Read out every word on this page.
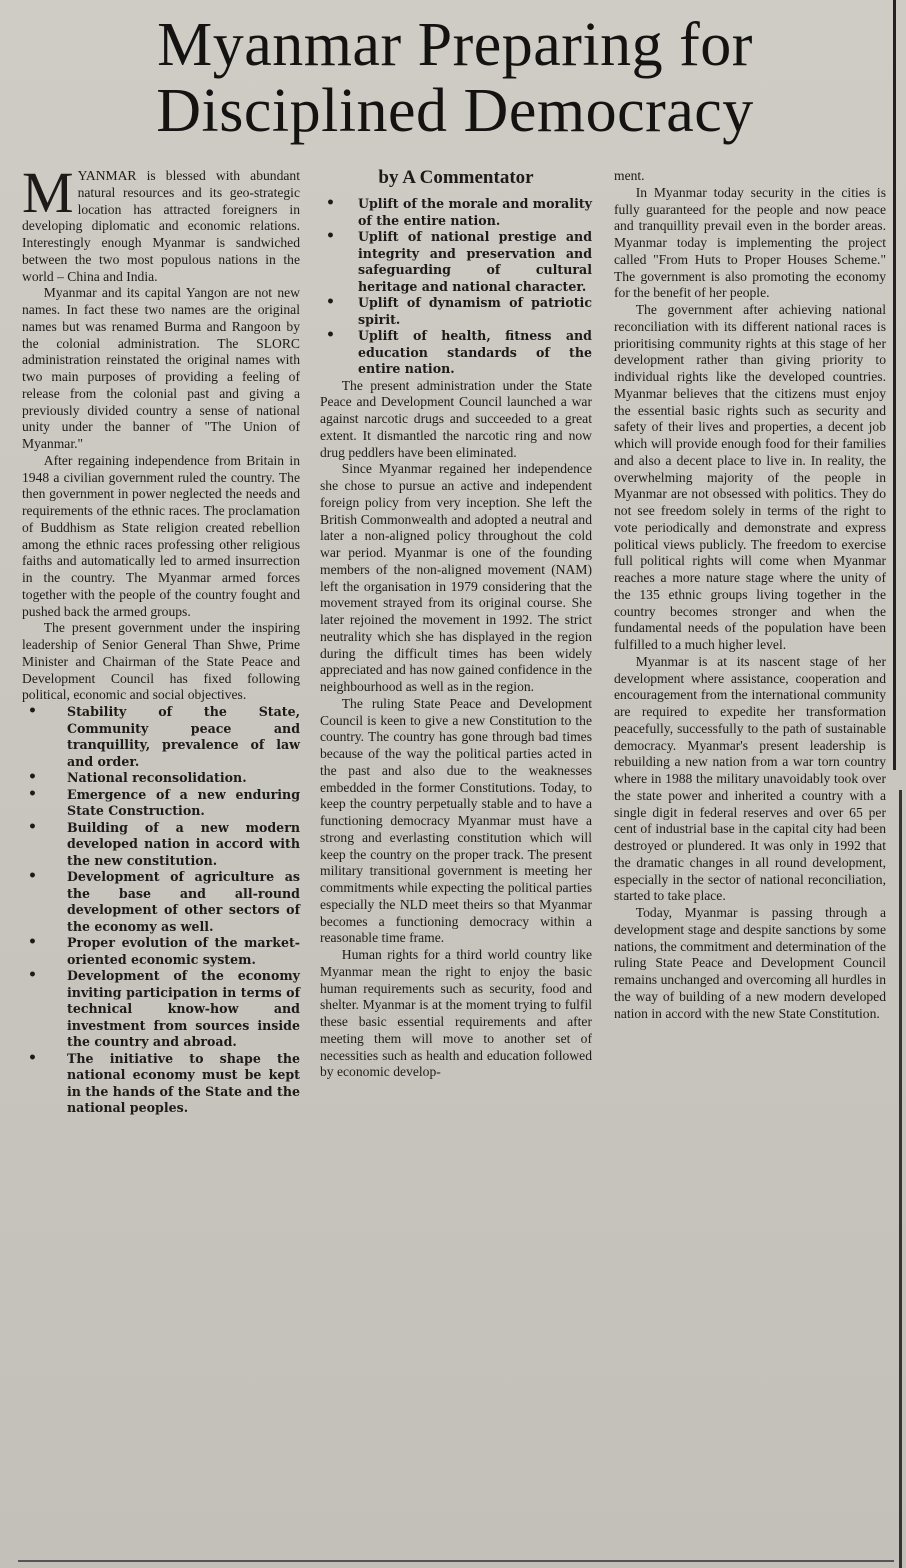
Myanmar Preparing for
Disciplined Democracy

MYANMAR is blessed with abundant natural resources and its geo-strategic location has attracted foreigners in developing diplomatic and economic relations. Interestingly enough Myanmar is sandwiched between the two most populous nations in the world – China and India.

Myanmar and its capital Yangon are not new names. In fact these two names are the original names but was renamed Burma and Rangoon by the colonial administration. The SLORC administration reinstated the original names with two main purposes of providing a feeling of release from the colonial past and giving a previously divided country a sense of national unity under the banner of "The Union of Myanmar."

After regaining independence from Britain in 1948 a civilian government ruled the country. The then government in power neglected the needs and requirements of the ethnic races. The proclamation of Buddhism as State religion created rebellion among the ethnic races professing other religious faiths and automatically led to armed insurrection in the country. The Myanmar armed forces together with the people of the country fought and pushed back the armed groups.

The present government under the inspiring leadership of Senior General Than Shwe, Prime Minister and Chairman of the State Peace and Development Council has fixed following political, economic and social objectives.

• Stability of the State, Community peace and tranquillity, prevalence of law and order.
• National reconsolidation.
• Emergence of a new enduring State Construction.
• Building of a new modern developed nation in accord with the new constitution.
• Development of agriculture as the base and all-round development of other sectors of the economy as well.
• Proper evolution of the market-oriented economic system.
• Development of the economy inviting participation in terms of technical know-how and investment from sources inside the country and abroad.
• The initiative to shape the national economy must be kept in the hands of the State and the national peoples.
by A Commentator
• Uplift of the morale and morality of the entire nation.
• Uplift of national prestige and integrity and preservation and safeguarding of cultural heritage and national character.
• Uplift of dynamism of patriotic spirit.
• Uplift of health, fitness and education standards of the entire nation.

The present administration under the State Peace and Development Council launched a war against narcotic drugs and succeeded to a great extent. It dismantled the narcotic ring and now drug peddlers have been eliminated.

Since Myanmar regained her independence she chose to pursue an active and independent foreign policy from very inception. She left the British Commonwealth and adopted a neutral and later a non-aligned policy throughout the cold war period. Myanmar is one of the founding members of the non-aligned movement (NAM) left the organisation in 1979 considering that the movement strayed from its original course. She later rejoined the movement in 1992. The strict neutrality which she has displayed in the region during the difficult times has been widely appreciated and has now gained confidence in the neighbourhood as well as in the region.

The ruling State Peace and Development Council is keen to give a new Constitution to the country. The country has gone through bad times because of the way the political parties acted in the past and also due to the weaknesses embedded in the former Constitutions. Today, to keep the country perpetually stable and to have a functioning democracy Myanmar must have a strong and everlasting constitution which will keep the country on the proper track. The present military transitional government is meeting her commitments while expecting the political parties especially the NLD meet theirs so that Myanmar becomes a functioning democracy within a reasonable time frame.

Human rights for a third world country like Myanmar mean the right to enjoy the basic human requirements such as security, food and shelter. Myanmar is at the moment trying to fulfil these basic essential requirements and after meeting them will move to another set of necessities such as health and education followed by economic develop-

ment.

In Myanmar today security in the cities is fully guaranteed for the people and now peace and tranquillity prevail even in the border areas. Myanmar today is implementing the project called "From Huts to Proper Houses Scheme." The government is also promoting the economy for the benefit of her people.

The government after achieving national reconciliation with its different national races is prioritising community rights at this stage of her development rather than giving priority to individual rights like the developed countries. Myanmar believes that the citizens must enjoy the essential basic rights such as security and safety of their lives and properties, a decent job which will provide enough food for their families and also a decent place to live in. In reality, the overwhelming majority of the people in Myanmar are not obsessed with politics. They do not see freedom solely in terms of the right to vote periodically and demonstrate and express political views publicly. The freedom to exercise full political rights will come when Myanmar reaches a more nature stage where the unity of the 135 ethnic groups living together in the country becomes stronger and when the fundamental needs of the population have been fulfilled to a much higher level.

Myanmar is at its nascent stage of her development where assistance, cooperation and encouragement from the international community are required to expedite her transformation peacefully, successfully to the path of sustainable democracy. Myanmar's present leadership is rebuilding a new nation from a war torn country where in 1988 the military unavoidably took over the state power and inherited a country with a single digit in federal reserves and over 65 per cent of industrial base in the capital city had been destroyed or plundered. It was only in 1992 that the dramatic changes in all round development, especially in the sector of national reconciliation, started to take place.

Today, Myanmar is passing through a development stage and despite sanctions by some nations, the commitment and determination of the ruling State Peace and Development Council remains unchanged and overcoming all hurdles in the way of building of a new modern developed nation in accord with the new State Constitution.
